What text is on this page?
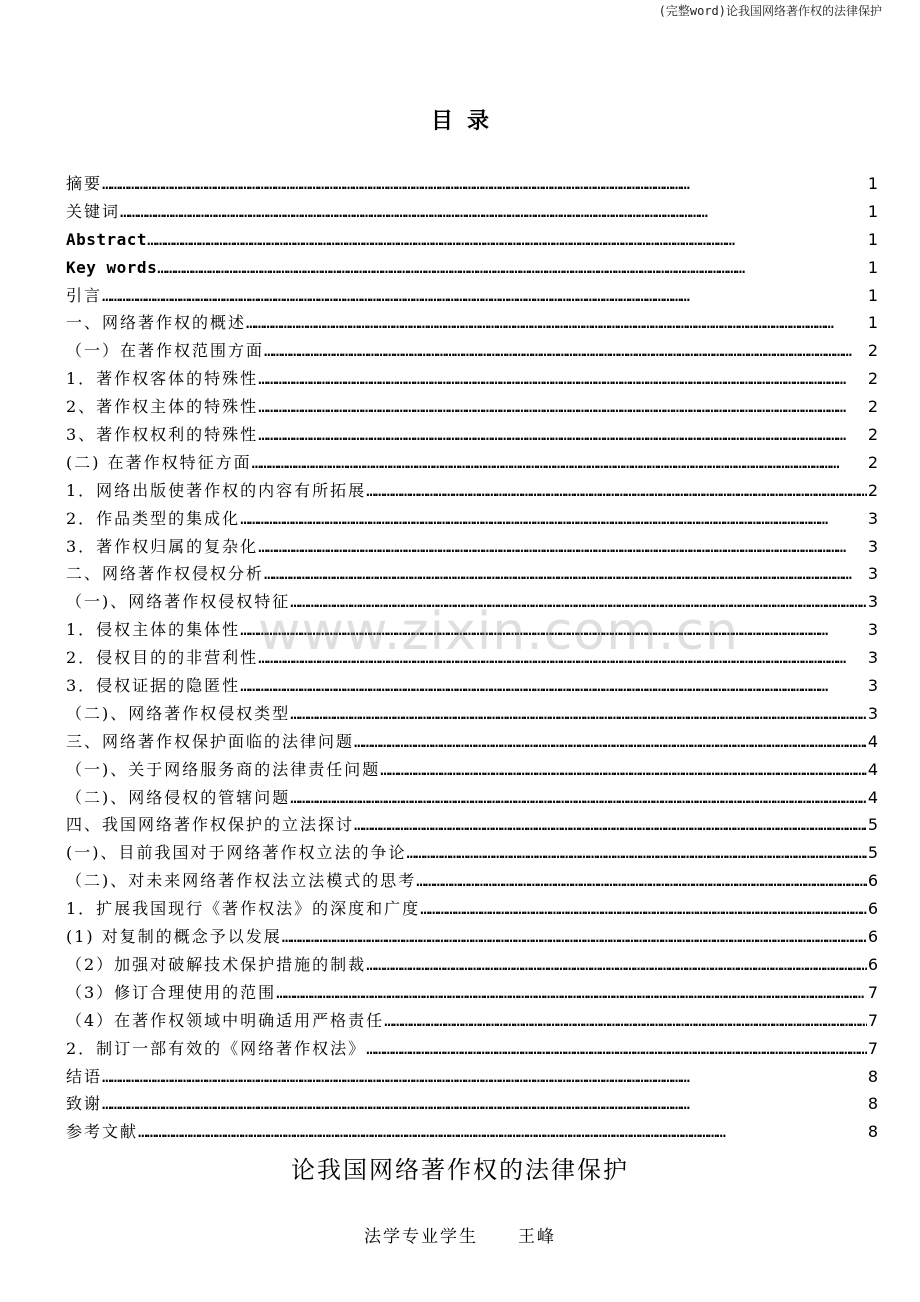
(完整word)论我国网络著作权的法律保护
目录
摘要 ……………………………………………………………………………………………………………………………………………………………………………………	1
关键词 ……………………………………………………………………………………………………………………………………………………………………………………	1
Abstract ……………………………………………………………………………………………………………………………………………………………………………………	1
Key words ……………………………………………………………………………………………………………………………………………………………………………………	1
引言 ……………………………………………………………………………………………………………………………………………………………………………………	1
一、网络著作权的概述 ……………………………………………………………………………………………………………………………………………………………………………………	1
（一）在著作权范围方面 ……………………………………………………………………………………………………………………………………………………………………………………	2
1．著作权客体的特殊性 ……………………………………………………………………………………………………………………………………………………………………………………	2
2、著作权主体的特殊性 ……………………………………………………………………………………………………………………………………………………………………………………	2
3、著作权权利的特殊性 ……………………………………………………………………………………………………………………………………………………………………………………	2
(二) 在著作权特征方面 ……………………………………………………………………………………………………………………………………………………………………………………	2
1．网络出版使著作权的内容有所拓展 ……………………………………………………………………………………………………………………………………………………………………………………	2
2．作品类型的集成化 ……………………………………………………………………………………………………………………………………………………………………………………	3
3．著作权归属的复杂化 ……………………………………………………………………………………………………………………………………………………………………………………	3
二、网络著作权侵权分析 ……………………………………………………………………………………………………………………………………………………………………………………	3
（一)、网络著作权侵权特征 ……………………………………………………………………………………………………………………………………………………………………………………	3
1．侵权主体的集体性 ……………………………………………………………………………………………………………………………………………………………………………………	3
2．侵权目的的非营利性 ……………………………………………………………………………………………………………………………………………………………………………………	3
3．侵权证据的隐匿性 ……………………………………………………………………………………………………………………………………………………………………………………	3
（二)、网络著作权侵权类型 ……………………………………………………………………………………………………………………………………………………………………………………	3
三、网络著作权保护面临的法律问题 ……………………………………………………………………………………………………………………………………………………………………………………	4
（一)、关于网络服务商的法律责任问题 ……………………………………………………………………………………………………………………………………………………………………………………	4
（二)、网络侵权的管辖问题 ……………………………………………………………………………………………………………………………………………………………………………………	4
四、我国网络著作权保护的立法探讨 ……………………………………………………………………………………………………………………………………………………………………………………	5
(一)、目前我国对于网络著作权立法的争论 ……………………………………………………………………………………………………………………………………………………………………………………	5
（二)、对未来网络著作权法立法模式的思考 ……………………………………………………………………………………………………………………………………………………………………………………	6
1．扩展我国现行《著作权法》的深度和广度 ……………………………………………………………………………………………………………………………………………………………………………………	6
(1) 对复制的概念予以发展 ……………………………………………………………………………………………………………………………………………………………………………………	6
（2）加强对破解技术保护措施的制裁 ……………………………………………………………………………………………………………………………………………………………………………………	6
（3）修订合理使用的范围 ……………………………………………………………………………………………………………………………………………………………………………………	7
（4）在著作权领域中明确适用严格责任 ……………………………………………………………………………………………………………………………………………………………………………………	7
2．制订一部有效的《网络著作权法》 ……………………………………………………………………………………………………………………………………………………………………………………	7
结语 ……………………………………………………………………………………………………………………………………………………………………………………	8
致谢 ……………………………………………………………………………………………………………………………………………………………………………………	8
参考文献 ……………………………………………………………………………………………………………………………………………………………………………………	8
www.zixin.com.cn
论我国网络著作权的法律保护
法学专业学生 王峰
